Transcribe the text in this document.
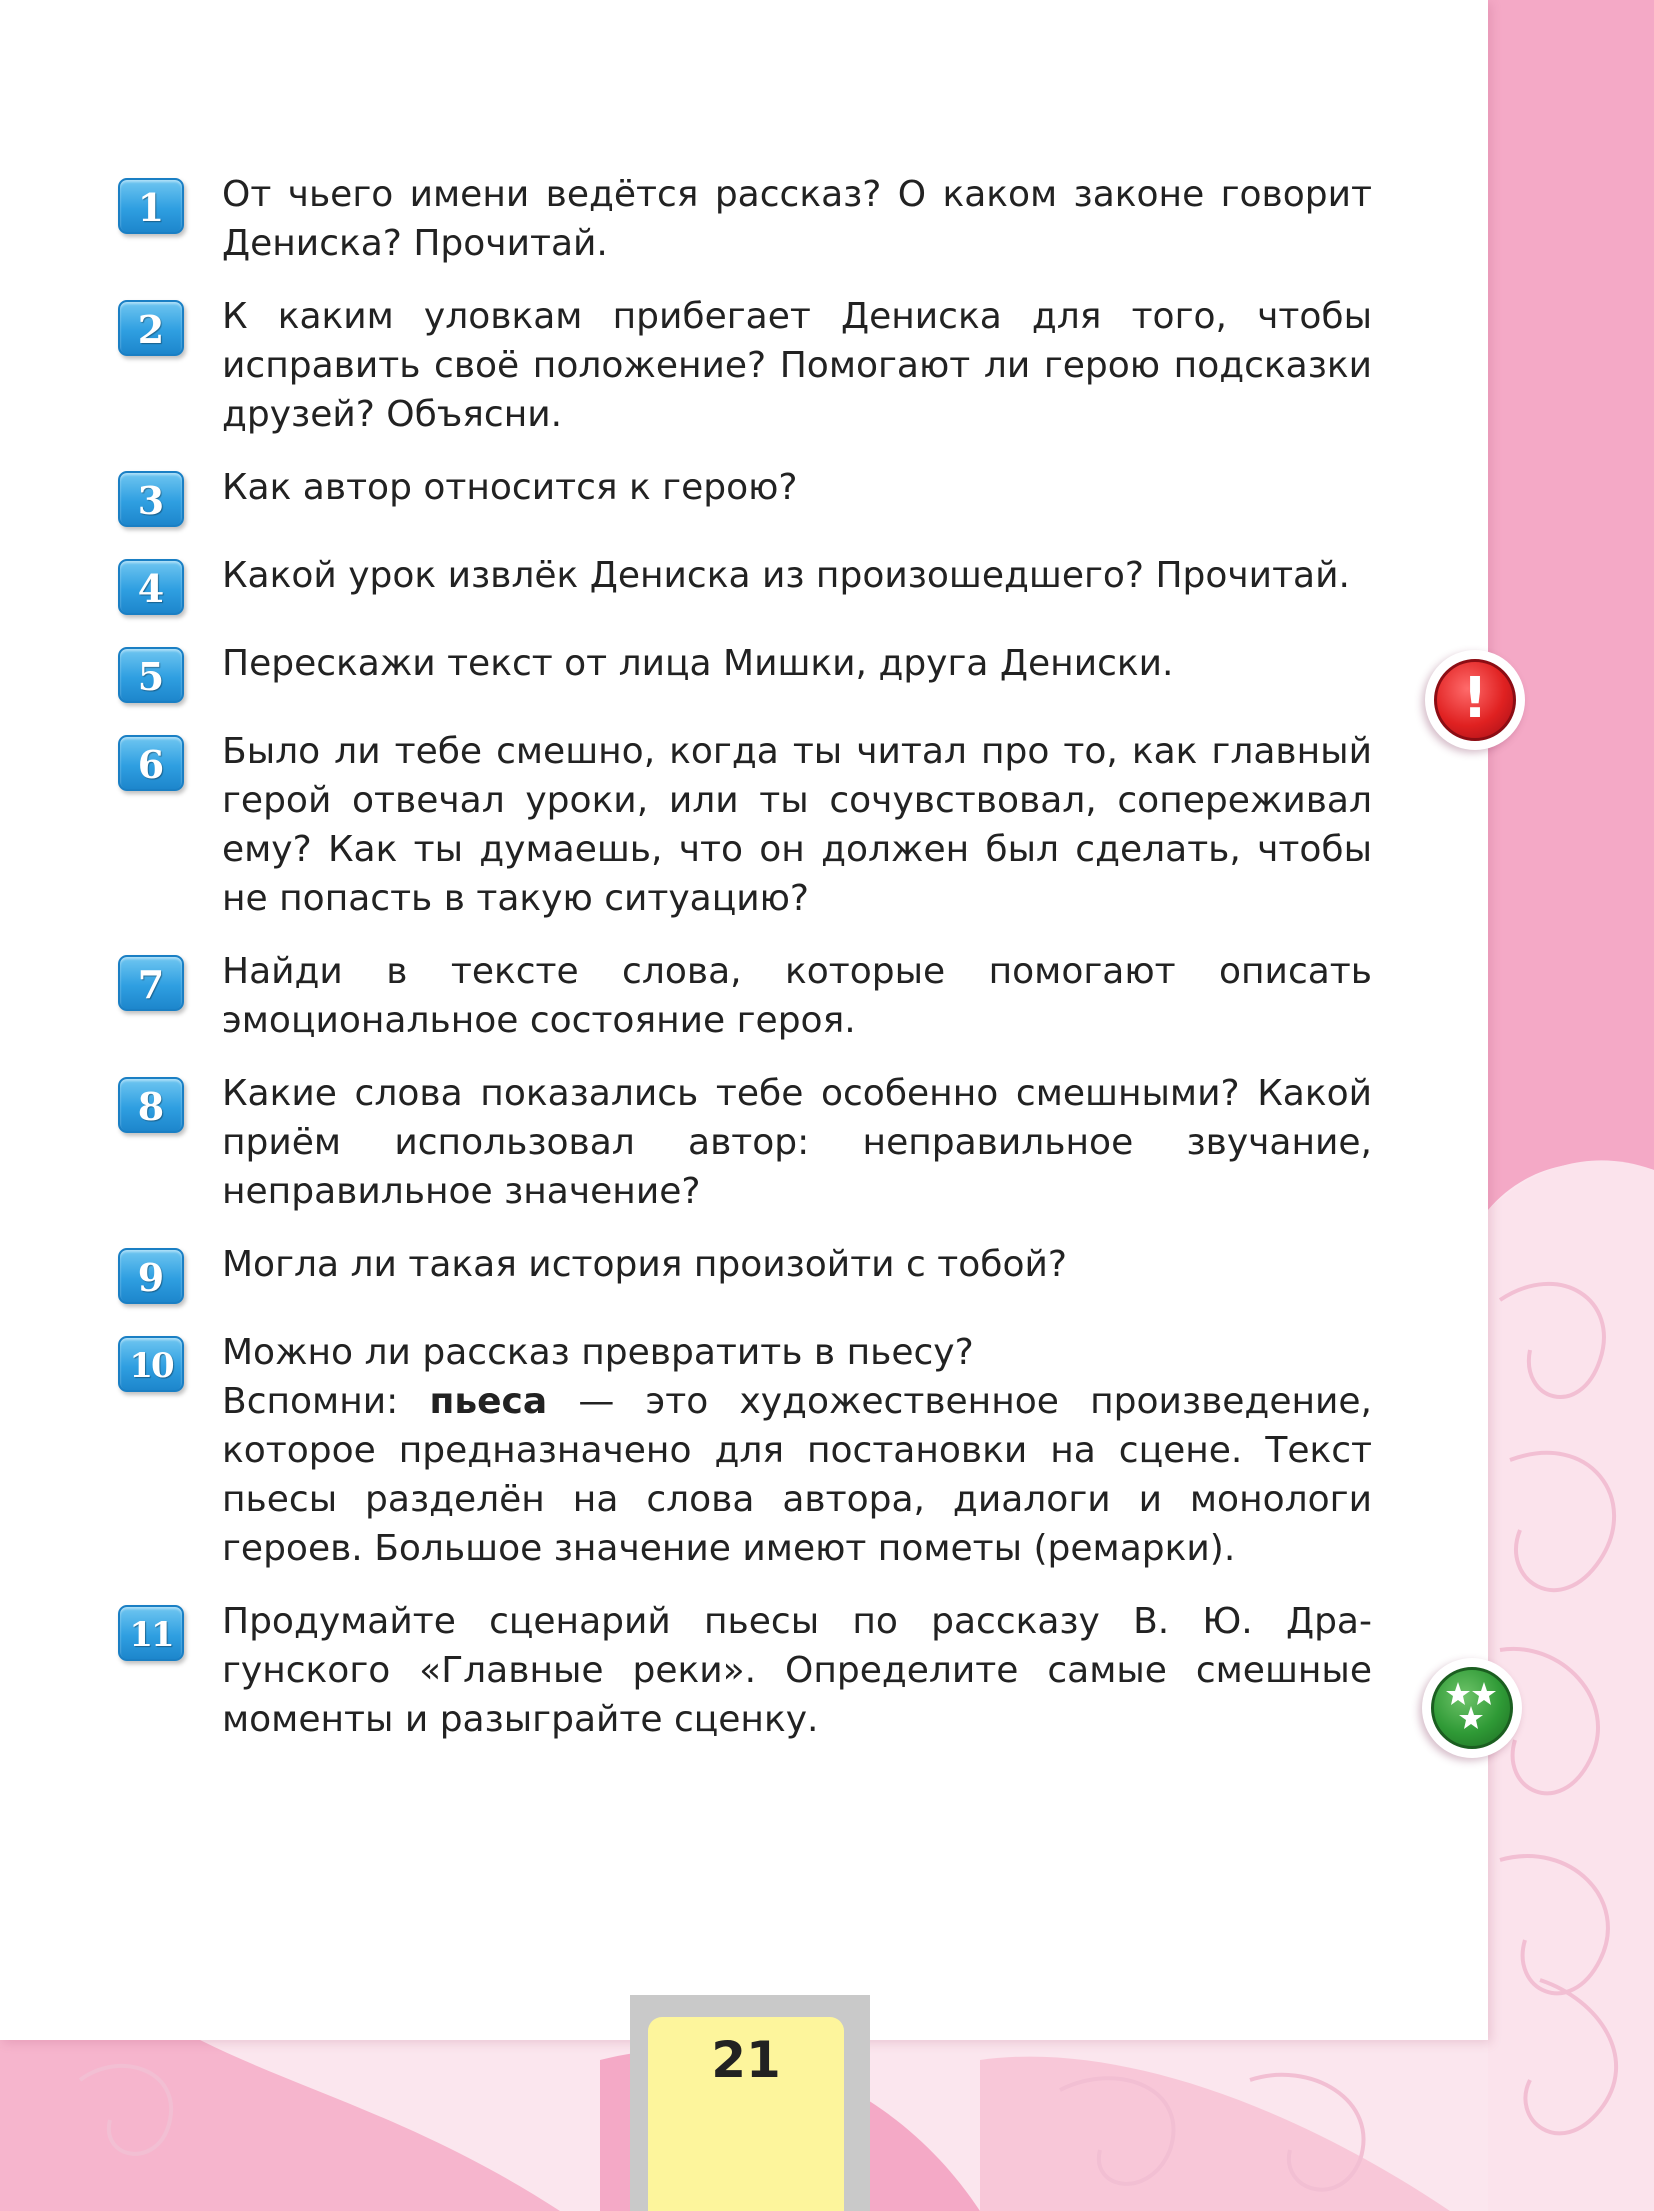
1	От чьего имени ведётся рассказ? О каком законе говорит Дениска? Прочитай.
2	К каким уловкам прибегает Дениска для того, чтобы исправить своё положение? Помогают ли герою подсказки друзей? Объясни.
3	Как автор относится к герою?
4	Какой урок извлёк Дениска из произошедшего? Прочитай.
5	Перескажи текст от лица Мишки, друга Дениски.
6	Было ли тебе смешно, когда ты читал про то, как главный герой отвечал уроки, или ты сочувствовал, сопереживал ему? Как ты думаешь, что он должен был сделать, чтобы не попасть в такую ситуацию?
7	Найди в тексте слова, которые помогают описать эмоциональное состояние героя.
8	Какие слова показались тебе особенно смешными? Какой приём использовал автор: неправильное звучание, неправильное значение?
9	Могла ли такая история произойти с тобой?
10	Можно ли рассказ превратить в пьесу?
Вспомни: пьеса — это художественное произведение, которое предназначено для постановки на сцене. Текст пьесы разделён на слова автора, диалоги и монологи героев. Большое значение имеют пометы (ремарки).
11	Продумайте сценарий пьесы по рассказу В. Ю. Драгунского «Главные реки». Определите самые смешные моменты и разыграйте сценку.
!
21
